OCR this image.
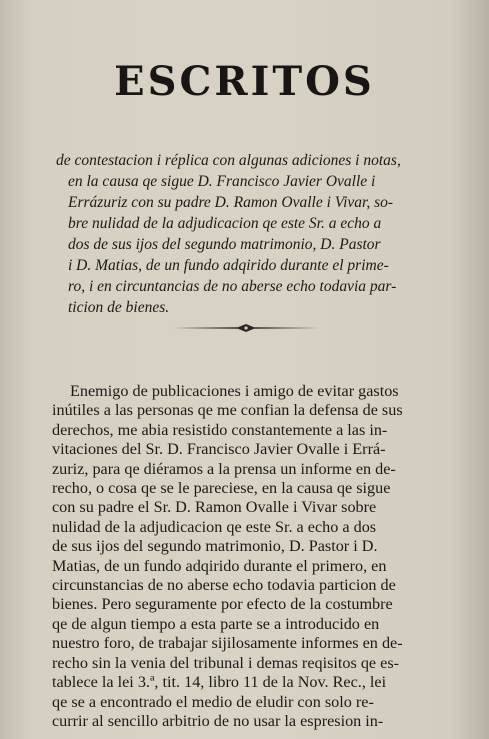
ESCRITOS
de contestacion i réplica con algunas adiciones i notas,
en la causa qe sigue D. Francisco Javier Ovalle i
Errázuriz con su padre D. Ramon Ovalle i Vivar, so-
bre nulidad de la adjudicacion qe este Sr. a echo a
dos de sus ijos del segundo matrimonio, D. Pastor
i D. Matias, de un fundo adqirido durante el prime-
ro, i en circuntancias de no aberse echo todavia par-
ticion de bienes.
Enemigo de publicaciones i amigo de evitar gastos
inútiles a las personas qe me confian la defensa de sus
derechos, me abia resistido constantemente a las in-
vitaciones del Sr. D. Francisco Javier Ovalle i Errá-
zuriz, para qe diéramos a la prensa un informe en de-
recho, o cosa qe se le pareciese, en la causa qe sigue
con su padre el Sr. D. Ramon Ovalle i Vivar sobre
nulidad de la adjudicacion qe este Sr. a echo a dos
de sus ijos del segundo matrimonio, D. Pastor i D.
Matias, de un fundo adqirido durante el primero, en
circunstancias de no aberse echo todavia particion de
bienes. Pero seguramente por efecto de la costumbre
qe de algun tiempo a esta parte se a introducido en
nuestro foro, de trabajar sijilosamente informes en de-
recho sin la venia del tribunal i demas reqisitos qe es-
tablece la lei 3.ª, tit. 14, libro 11 de la Nov. Rec., lei
qe se a encontrado el medio de eludir con solo re-
currir al sencillo arbitrio de no usar la espresion in-
